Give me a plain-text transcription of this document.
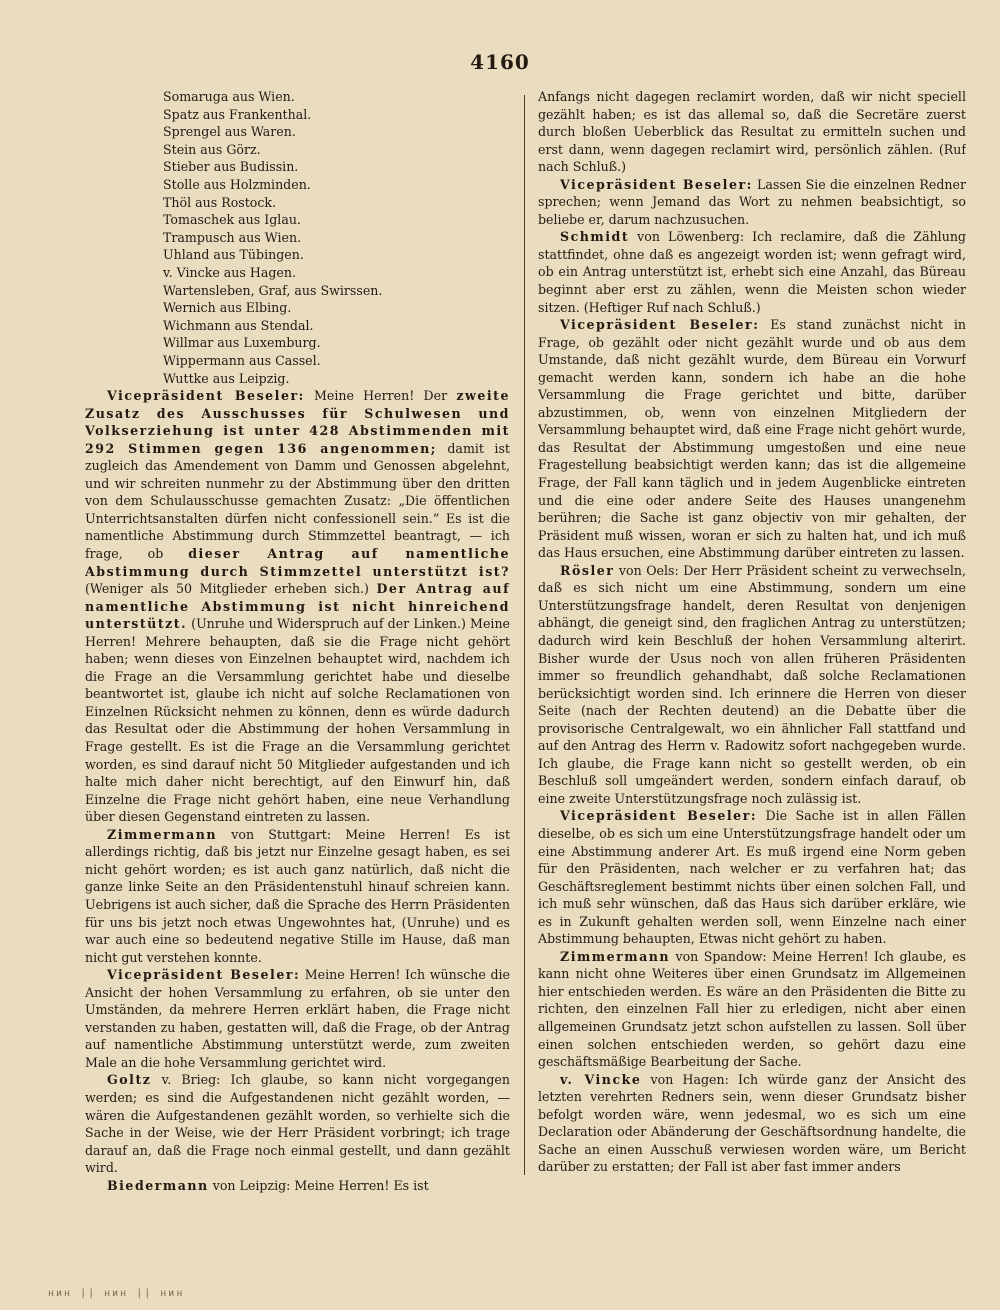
4160
Somaruga aus Wien.
Spatz aus Frankenthal.
Sprengel aus Waren.
Stein aus Görz.
Stieber aus Budissin.
Stolle aus Holzminden.
Thöl aus Rostock.
Tomaschek aus Iglau.
Trampusch aus Wien.
Uhland aus Tübingen.
v. Vincke aus Hagen.
Wartensleben, Graf, aus Swirssen.
Wernich aus Elbing.
Wichmann aus Stendal.
Willmar aus Luxemburg.
Wippermann aus Cassel.
Wuttke aus Leipzig.

Vicepräsident Beseler: Meine Herren! Der zweite Zusatz des Ausschusses für Schulwesen und Volkserziehung ist unter 428 Abstimmenden mit 292 Stimmen gegen 136 angenommen; damit ist zugleich das Amendement von Damm und Genossen abgelehnt, und wir schreiten nunmehr zu der Abstimmung über den dritten von dem Schulausschusse gemachten Zusatz: „Die öffentlichen Unterrichtsanstalten dürfen nicht confessionell sein.“ Es ist die namentliche Abstimmung durch Stimmzettel beantragt, — ich frage, ob dieser Antrag auf namentliche Abstimmung durch Stimmzettel unterstützt ist? (Weniger als 50 Mitglieder erheben sich.) Der Antrag auf namentliche Abstimmung ist nicht hinreichend unterstützt. (Unruhe und Widerspruch auf der Linken.) Meine Herren! Mehrere behaupten, daß sie die Frage nicht gehört haben; wenn dieses von Einzelnen behauptet wird, nachdem ich die Frage an die Versammlung gerichtet habe und dieselbe beantwortet ist, glaube ich nicht auf solche Reclamationen von Einzelnen Rücksicht nehmen zu können, denn es würde dadurch das Resultat oder die Abstimmung der hohen Versammlung in Frage gestellt. Es ist die Frage an die Versammlung gerichtet worden, es sind darauf nicht 50 Mitglieder aufgestanden und ich halte mich daher nicht berechtigt, auf den Einwurf hin, daß Einzelne die Frage nicht gehört haben, eine neue Verhandlung über diesen Gegenstand eintreten zu lassen.

Zimmermann von Stuttgart: Meine Herren! Es ist allerdings richtig, daß bis jetzt nur Einzelne gesagt haben, es sei nicht gehört worden; es ist auch ganz natürlich, daß nicht die ganze linke Seite an den Präsidentenstuhl hinauf schreien kann. Uebrigens ist auch sicher, daß die Sprache des Herrn Präsidenten für uns bis jetzt noch etwas Ungewohntes hat, (Unruhe) und es war auch eine so bedeutend negative Stille im Hause, daß man nicht gut verstehen konnte.

Vicepräsident Beseler: Meine Herren! Ich wünsche die Ansicht der hohen Versammlung zu erfahren, ob sie unter den Umständen, da mehrere Herren erklärt haben, die Frage nicht verstanden zu haben, gestatten will, daß die Frage, ob der Antrag auf namentliche Abstimmung unterstützt werde, zum zweiten Male an die hohe Versammlung gerichtet wird.

Goltz v. Brieg: Ich glaube, so kann nicht vorgegangen werden; es sind die Aufgestandenen nicht gezählt worden, — wären die Aufgestandenen gezählt worden, so verhielte sich die Sache in der Weise, wie der Herr Präsident vorbringt; ich trage darauf an, daß die Frage noch einmal gestellt, und dann gezählt wird.

Biedermann von Leipzig: Meine Herren! Es ist

Anfangs nicht dagegen reclamirt worden, daß wir nicht speciell gezählt haben; es ist das allemal so, daß die Secretäre zuerst durch bloßen Ueberblick das Resultat zu ermitteln suchen und erst dann, wenn dagegen reclamirt wird, persönlich zählen. (Ruf nach Schluß.)

Vicepräsident Beseler: Lassen Sie die einzelnen Redner sprechen; wenn Jemand das Wort zu nehmen beabsichtigt, so beliebe er, darum nachzusuchen.

Schmidt von Löwenberg: Ich reclamire, daß die Zählung stattfindet, ohne daß es angezeigt worden ist; wenn gefragt wird, ob ein Antrag unterstützt ist, erhebt sich eine Anzahl, das Büreau beginnt aber erst zu zählen, wenn die Meisten schon wieder sitzen. (Heftiger Ruf nach Schluß.)

Vicepräsident Beseler: Es stand zunächst nicht in Frage, ob gezählt oder nicht gezählt wurde und ob aus dem Umstande, daß nicht gezählt wurde, dem Büreau ein Vorwurf gemacht werden kann, sondern ich habe an die hohe Versammlung die Frage gerichtet und bitte, darüber abzustimmen, ob, wenn von einzelnen Mitgliedern der Versammlung behauptet wird, daß eine Frage nicht gehört wurde, das Resultat der Abstimmung umgestoßen und eine neue Fragestellung beabsichtigt werden kann; das ist die allgemeine Frage, der Fall kann täglich und in jedem Augenblicke eintreten und die eine oder andere Seite des Hauses unangenehm berühren; die Sache ist ganz objectiv von mir gehalten, der Präsident muß wissen, woran er sich zu halten hat, und ich muß das Haus ersuchen, eine Abstimmung darüber eintreten zu lassen.

Rösler von Oels: Der Herr Präsident scheint zu verwechseln, daß es sich nicht um eine Abstimmung, sondern um eine Unterstützungsfrage handelt, deren Resultat von denjenigen abhängt, die geneigt sind, den fraglichen Antrag zu unterstützen; dadurch wird kein Beschluß der hohen Versammlung alterirt. Bisher wurde der Usus noch von allen früheren Präsidenten immer so freundlich gehandhabt, daß solche Reclamationen berücksichtigt worden sind. Ich erinnere die Herren von dieser Seite (nach der Rechten deutend) an die Debatte über die provisorische Centralgewalt, wo ein ähnlicher Fall stattfand und auf den Antrag des Herrn v. Radowitz sofort nachgegeben wurde. Ich glaube, die Frage kann nicht so gestellt werden, ob ein Beschluß soll umgeändert werden, sondern einfach darauf, ob eine zweite Unterstützungsfrage noch zulässig ist.

Vicepräsident Beseler: Die Sache ist in allen Fällen dieselbe, ob es sich um eine Unterstützungsfrage handelt oder um eine Abstimmung anderer Art. Es muß irgend eine Norm geben für den Präsidenten, nach welcher er zu verfahren hat; das Geschäftsreglement bestimmt nichts über einen solchen Fall, und ich muß sehr wünschen, daß das Haus sich darüber erkläre, wie es in Zukunft gehalten werden soll, wenn Einzelne nach einer Abstimmung behaupten, Etwas nicht gehört zu haben.

Zimmermann von Spandow: Meine Herren! Ich glaube, es kann nicht ohne Weiteres über einen Grundsatz im Allgemeinen hier entschieden werden. Es wäre an den Präsidenten die Bitte zu richten, den einzelnen Fall hier zu erledigen, nicht aber einen allgemeinen Grundsatz jetzt schon aufstellen zu lassen. Soll über einen solchen entschieden werden, so gehört dazu eine geschäftsmäßige Bearbeitung der Sache.

v. Vincke von Hagen: Ich würde ganz der Ansicht des letzten verehrten Redners sein, wenn dieser Grundsatz bisher befolgt worden wäre, wenn jedesmal, wo es sich um eine Declaration oder Abänderung der Geschäftsordnung handelte, die Sache an einen Ausschuß verwiesen worden wäre, um Bericht darüber zu erstatten; der Fall ist aber fast immer anders

нин || нин || нин
